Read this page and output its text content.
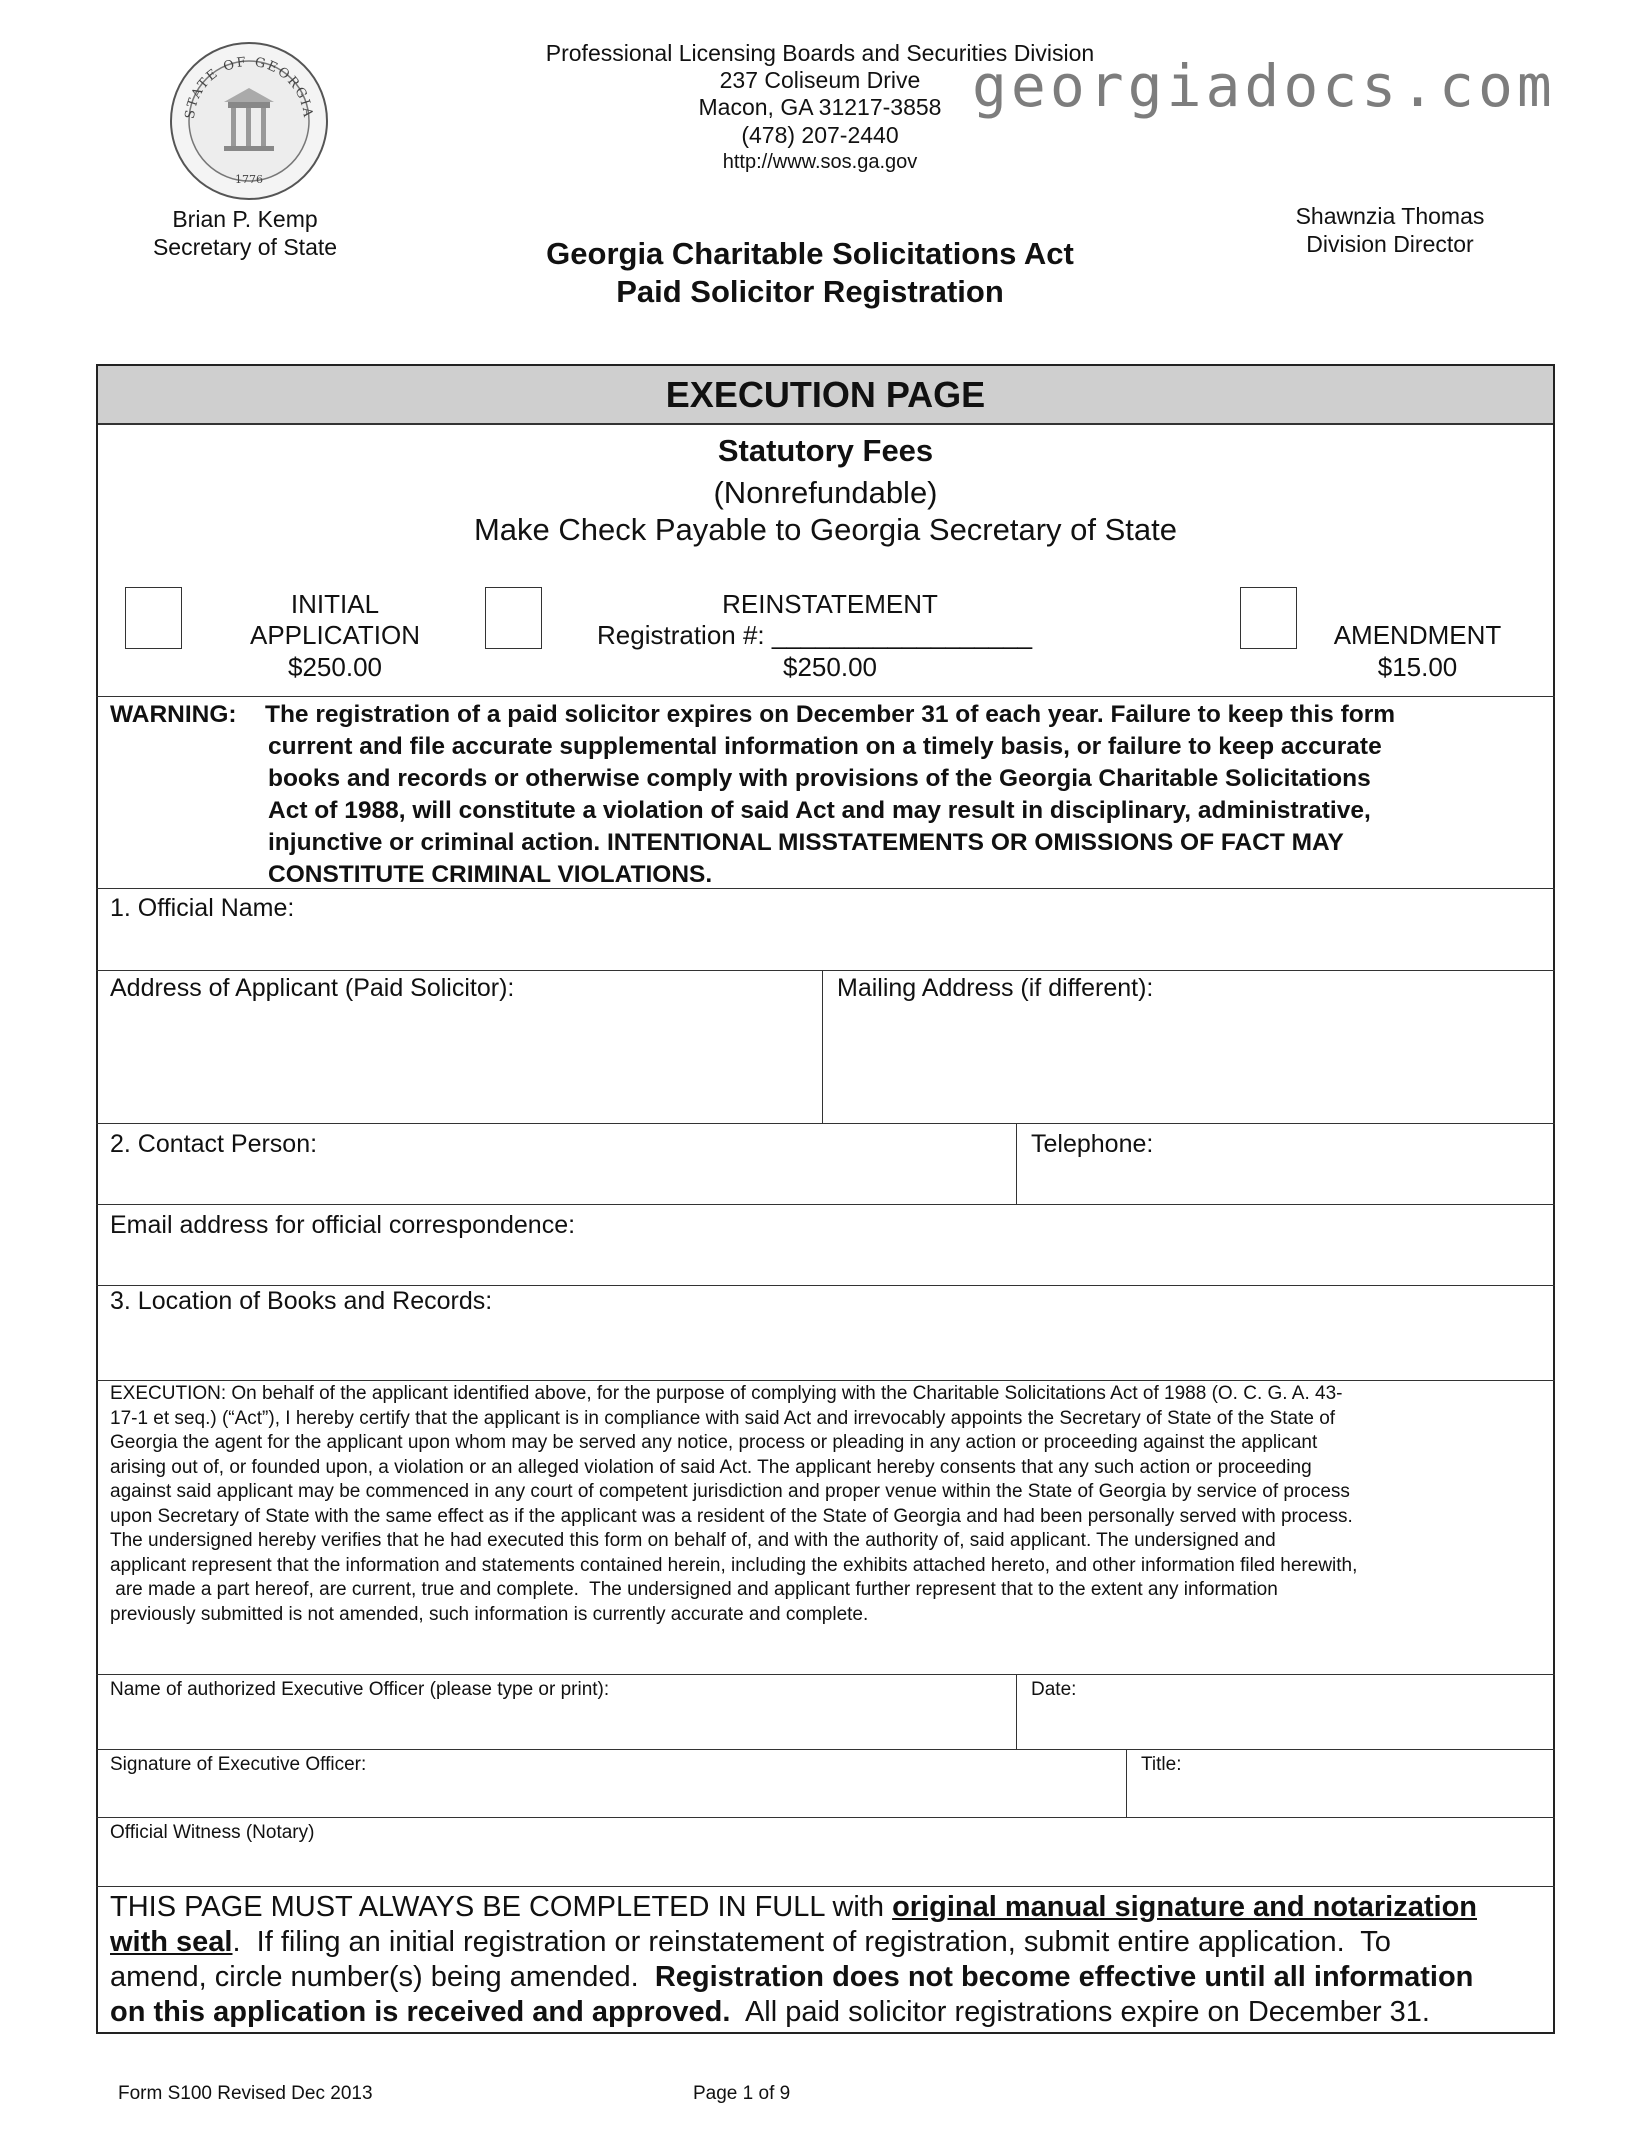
STATE OF GEORGIA
1776
Professional Licensing Boards and Securities Division
237 Coliseum Drive
Macon, GA 31217-3858
(478) 207-2440
http://www.sos.ga.gov
georgiadocs.com
Brian P. Kemp
Secretary of State
Shawnzia Thomas
Division Director
Georgia Charitable Solicitations Act
Paid Solicitor Registration
EXECUTION PAGE
Statutory Fees
(Nonrefundable)
Make Check Payable to Georgia Secretary of State
INITIAL
APPLICATION
$250.00
REINSTATEMENT
Registration #: __________________
$250.00
AMENDMENT
$15.00
WARNING: The registration of a paid solicitor expires on December 31 of each year. Failure to keep this form
current and file accurate supplemental information on a timely basis, or failure to keep accurate
books and records or otherwise comply with provisions of the Georgia Charitable Solicitations
Act of 1988, will constitute a violation of said Act and may result in disciplinary, administrative,
injunctive or criminal action. INTENTIONAL MISSTATEMENTS OR OMISSIONS OF FACT MAY
CONSTITUTE CRIMINAL VIOLATIONS.
1. Official Name:
Address of Applicant (Paid Solicitor):	Mailing Address (if different):
2. Contact Person:	Telephone:
Email address for official correspondence:
3. Location of Books and Records:
EXECUTION: On behalf of the applicant identified above, for the purpose of complying with the Charitable Solicitations Act of 1988 (O. C. G. A. 43-
17-1 et seq.) (“Act”), I hereby certify that the applicant is in compliance with said Act and irrevocably appoints the Secretary of State of the State of
Georgia the agent for the applicant upon whom may be served any notice, process or pleading in any action or proceeding against the applicant
arising out of, or founded upon, a violation or an alleged violation of said Act. The applicant hereby consents that any such action or proceeding
against said applicant may be commenced in any court of competent jurisdiction and proper venue within the State of Georgia by service of process
upon Secretary of State with the same effect as if the applicant was a resident of the State of Georgia and had been personally served with process.
The undersigned hereby verifies that he had executed this form on behalf of, and with the authority of, said applicant. The undersigned and
applicant represent that the information and statements contained herein, including the exhibits attached hereto, and other information filed herewith,
are made a part hereof, are current, true and complete.  The undersigned and applicant further represent that to the extent any information
previously submitted is not amended, such information is currently accurate and complete.
Name of authorized Executive Officer (please type or print):	Date:
Signature of Executive Officer:	Title:
Official Witness (Notary)
THIS PAGE MUST ALWAYS BE COMPLETED IN FULL with original manual signature and notarization
with seal.  If filing an initial registration or reinstatement of registration, submit entire application.  To
amend, circle number(s) being amended.  Registration does not become effective until all information
on this application is received and approved.  All paid solicitor registrations expire on December 31.
Form S100 Revised Dec 2013	Page 1 of 9
